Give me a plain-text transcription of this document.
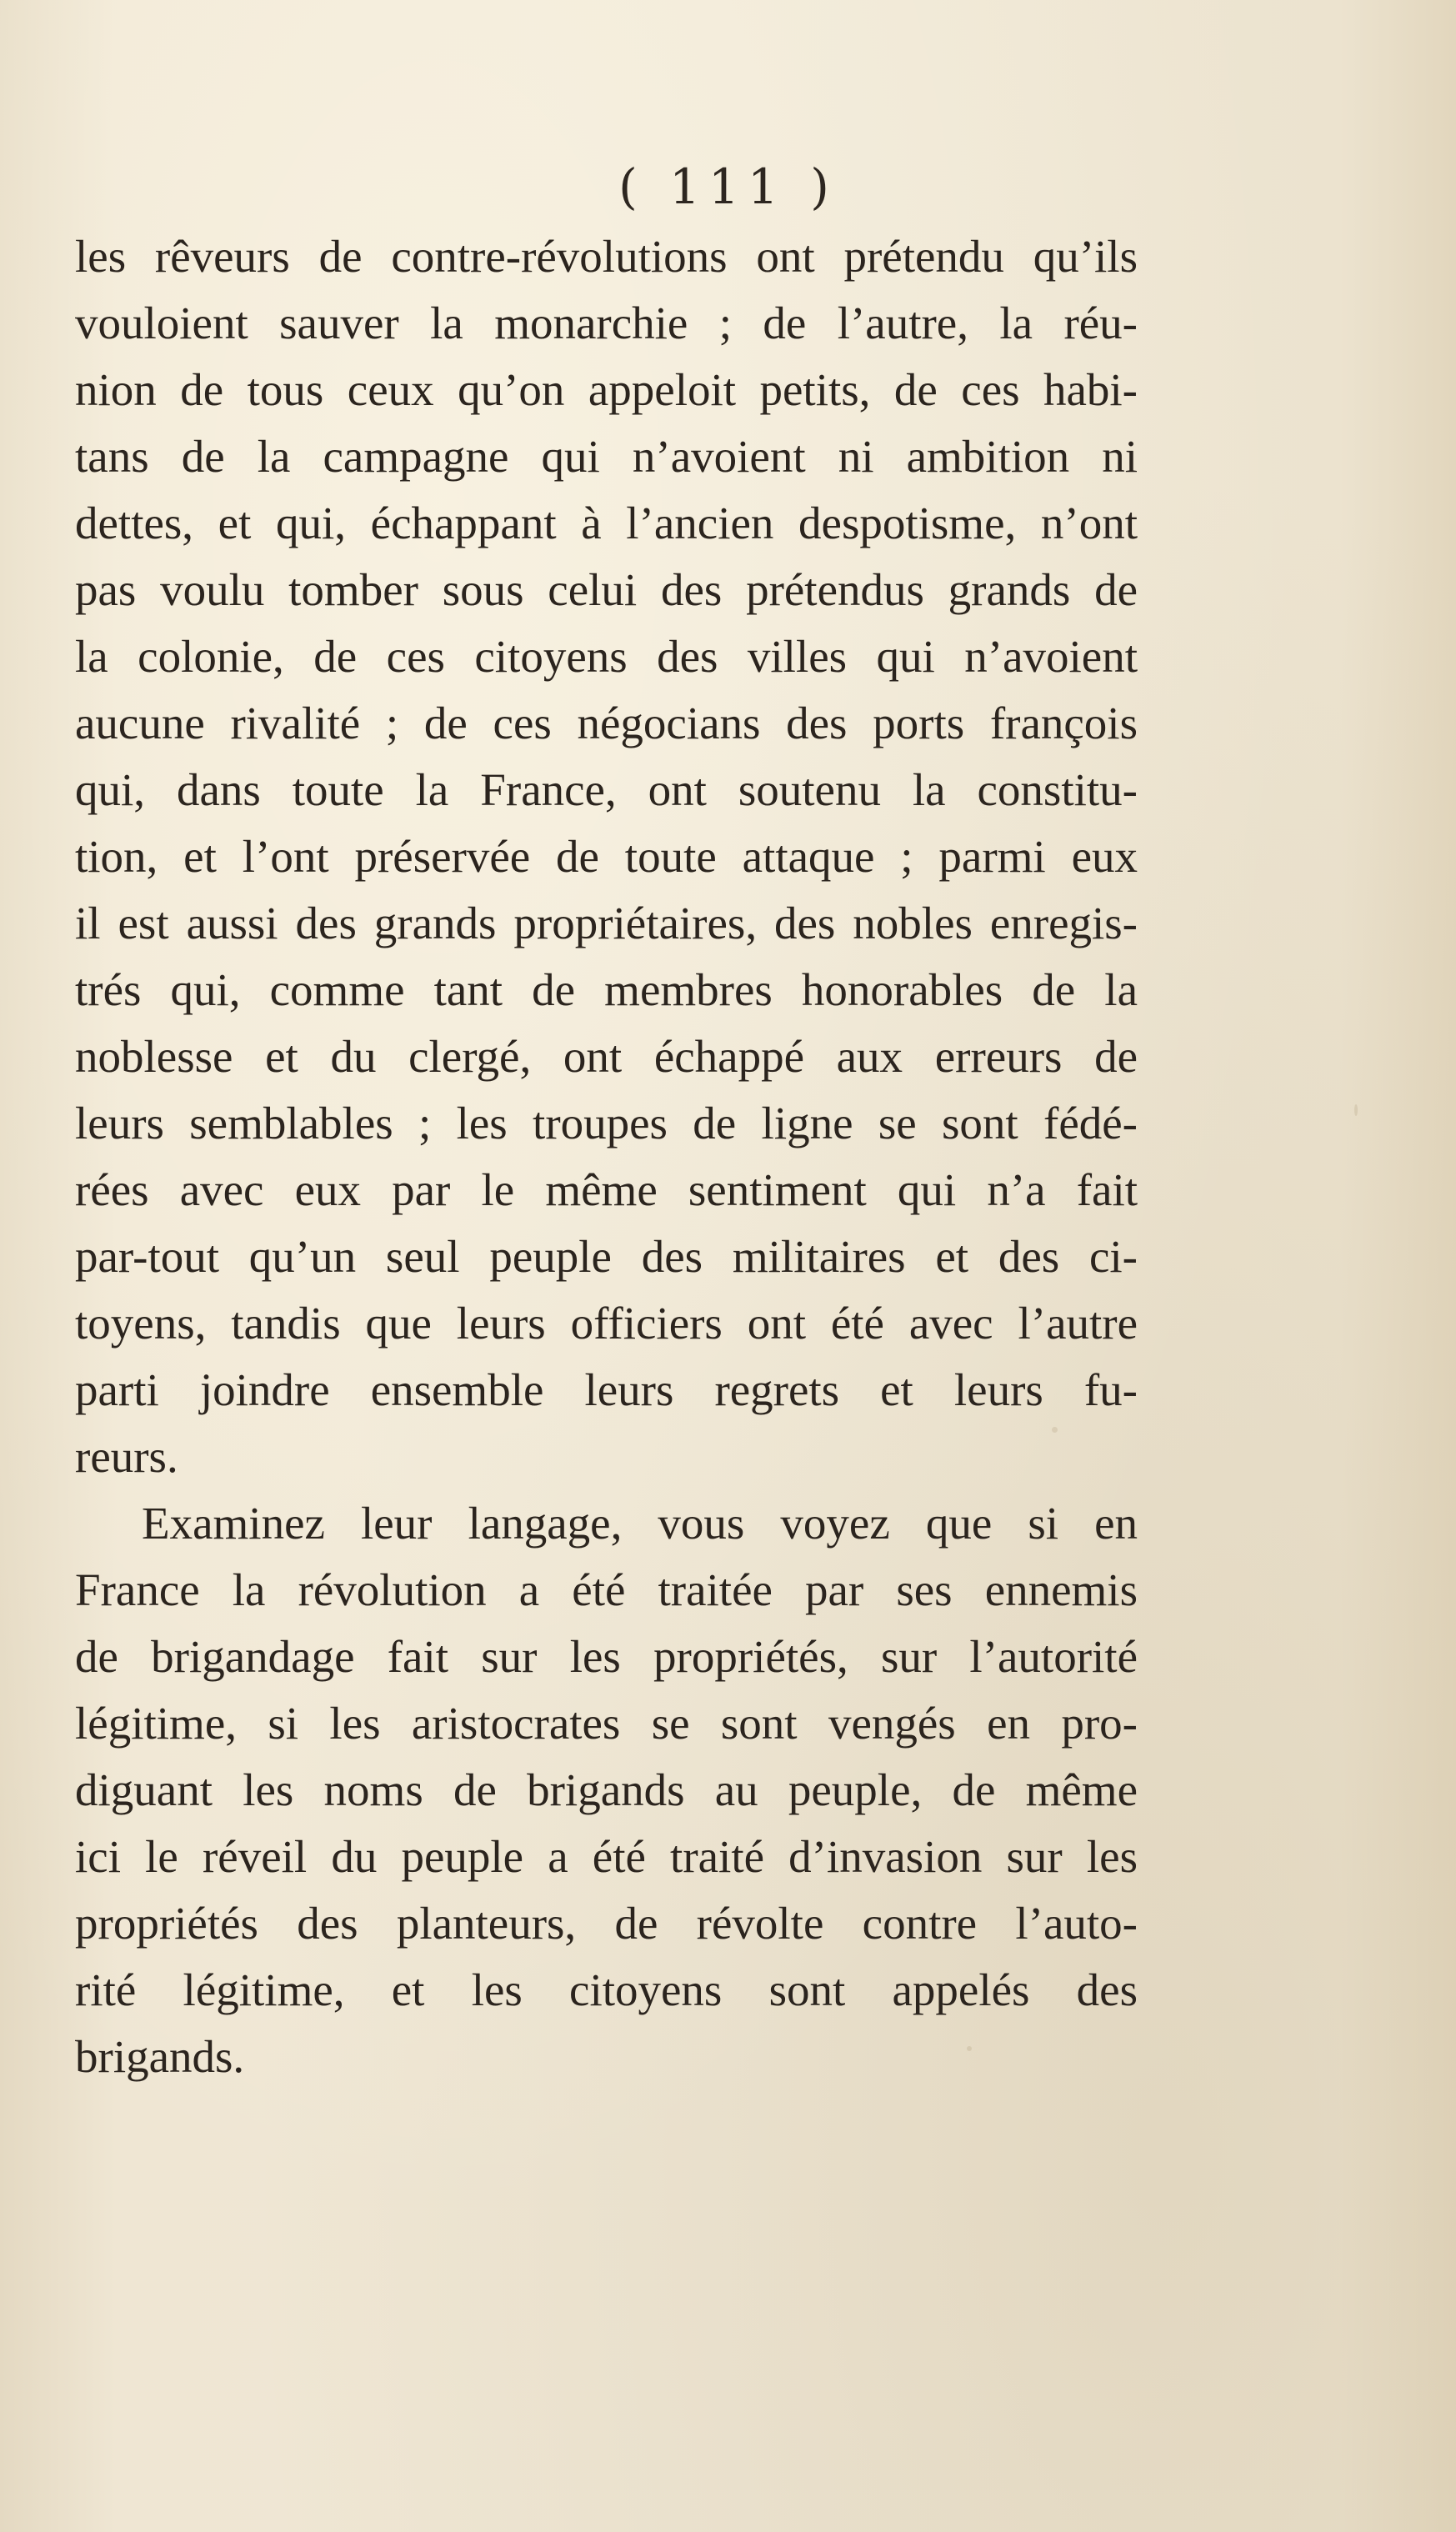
( 111 )
les rêveurs de contre-révolutions ont prétendu qu’ils
vouloient sauver la monarchie ; de l’autre, la réu-
nion de tous ceux qu’on appeloit petits, de ces habi-
tans de la campagne qui n’avoient ni ambition ni
dettes, et qui, échappant à l’ancien despotisme, n’ont
pas voulu tomber sous celui des prétendus grands de
la colonie, de ces citoyens des villes qui n’avoient
aucune rivalité ; de ces négocians des ports françois
qui, dans toute la France, ont soutenu la constitu-
tion, et l’ont préservée de toute attaque ; parmi eux
il est aussi des grands propriétaires, des nobles enregis-
trés qui, comme tant de membres honorables de la
noblesse et du clergé, ont échappé aux erreurs de
leurs semblables ; les troupes de ligne se sont fédé-
rées avec eux par le même sentiment qui n’a fait
par-tout qu’un seul peuple des militaires et des ci-
toyens, tandis que leurs officiers ont été avec l’autre
parti joindre ensemble leurs regrets et leurs fu-
reurs.
Examinez leur langage, vous voyez que si en
France la révolution a été traitée par ses ennemis
de brigandage fait sur les propriétés, sur l’autorité
légitime, si les aristocrates se sont vengés en pro-
diguant les noms de brigands au peuple, de même
ici le réveil du peuple a été traité d’invasion sur les
propriétés des planteurs, de révolte contre l’auto-
rité légitime, et les citoyens sont appelés des
brigands.
